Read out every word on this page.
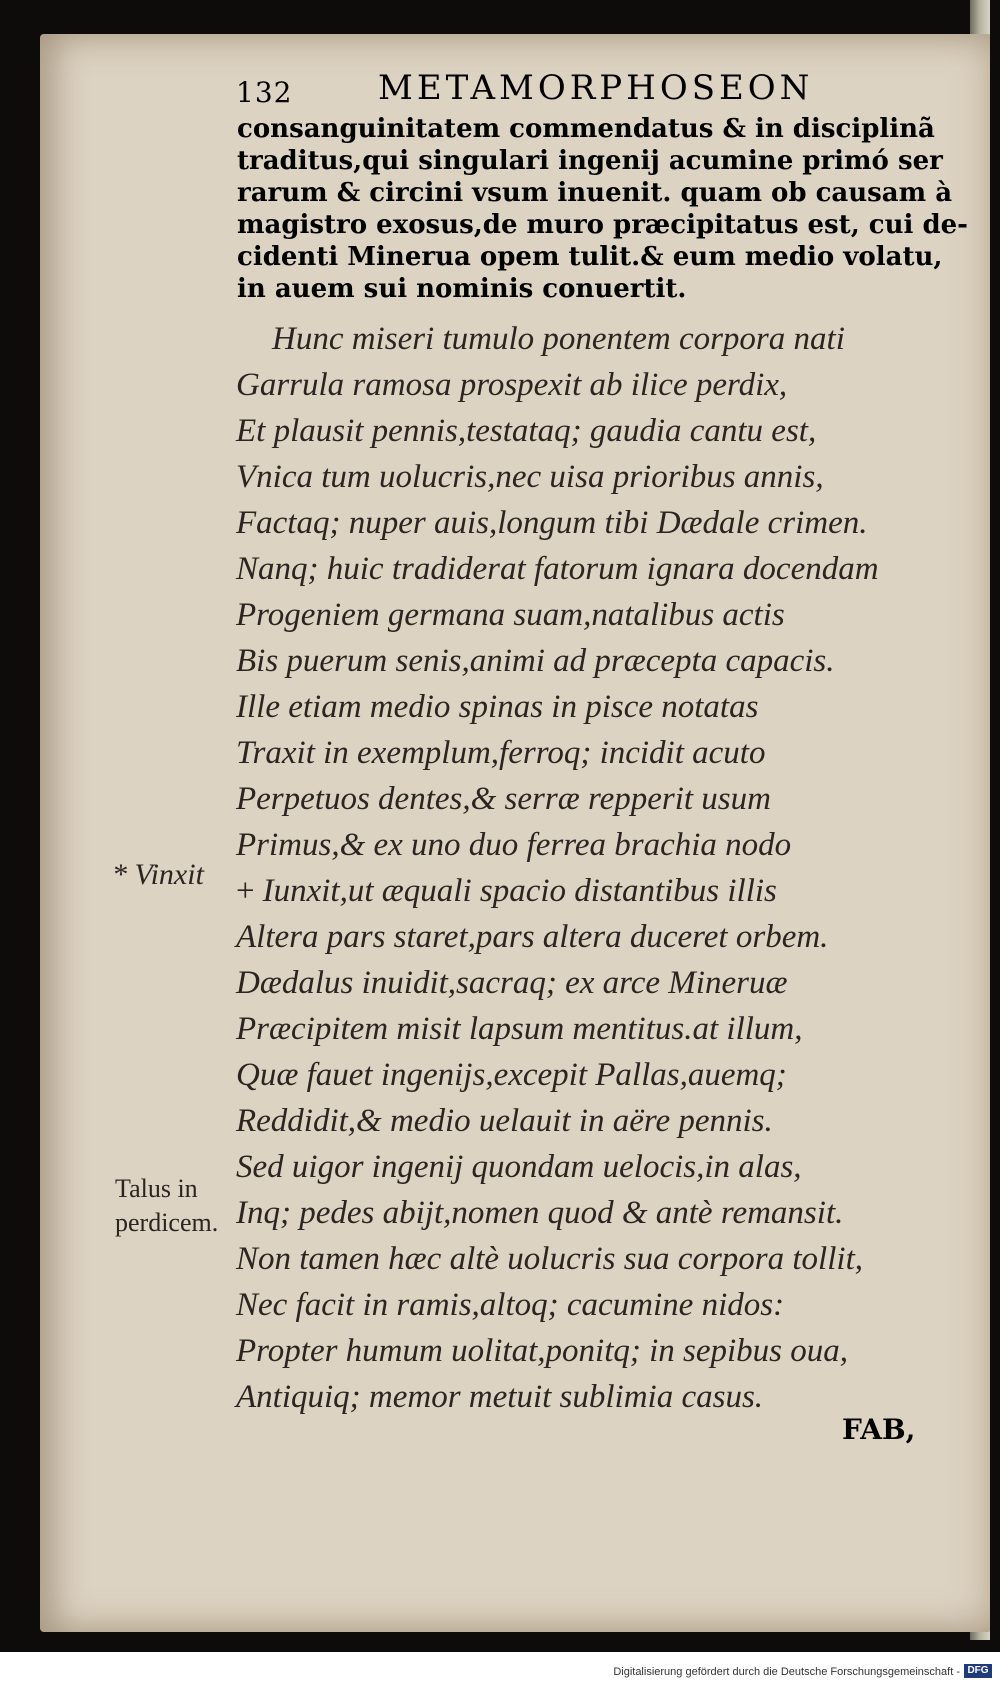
132	METAMORPHOSEON

consanguinitatem commendatus & in disciplinã

traditus,qui singulari ingenij acumine primó ser

rarum & circini vsum inuenit. quam ob causam à

magistro exosus,de muro præcipitatus est, cui de-

cidenti Minerua opem tulit.& eum medio volatu,

in auem sui nominis conuertit.

Hunc miseri tumulo ponentem corpora nati

Garrula ramosa prospexit ab ilice perdix,

Et plausit pennis,testataq; gaudia cantu est,

Vnica tum uolucris,nec uisa prioribus annis,

Factaq; nuper auis,longum tibi Dædale crimen.

Nanq; huic tradiderat fatorum ignara docendam

Progeniem germana suam,natalibus actis

Bis puerum senis,animi ad præcepta capacis.

Ille etiam medio spinas in pisce notatas

Traxit in exemplum,ferroq; incidit acuto

Perpetuos dentes,& serræ repperit usum

Primus,& ex uno duo ferrea brachia nodo

+ Iunxit,ut æquali spacio distantibus illis

Altera pars staret,pars altera duceret orbem.

Dædalus inuidit,sacraq; ex arce Mineruæ

Præcipitem misit lapsum mentitus.at illum,

Quæ fauet ingenijs,excepit Pallas,auemq;

Reddidit,& medio uelauit in aëre pennis.

Sed uigor ingenij quondam uelocis,in alas,

Inq; pedes abijt,nomen quod & antè remansit.

Non tamen hæc altè uolucris sua corpora tollit,

Nec facit in ramis,altoq; cacumine nidos:

Propter humum uolitat,ponitq; in sepibus oua,

Antiquiq; memor metuit sublimia casus.

* Vinxit
Talus in
perdicem.
FAB,
Digitalisierung gefördert durch die Deutsche Forschungsgemeinschaft - DFG
